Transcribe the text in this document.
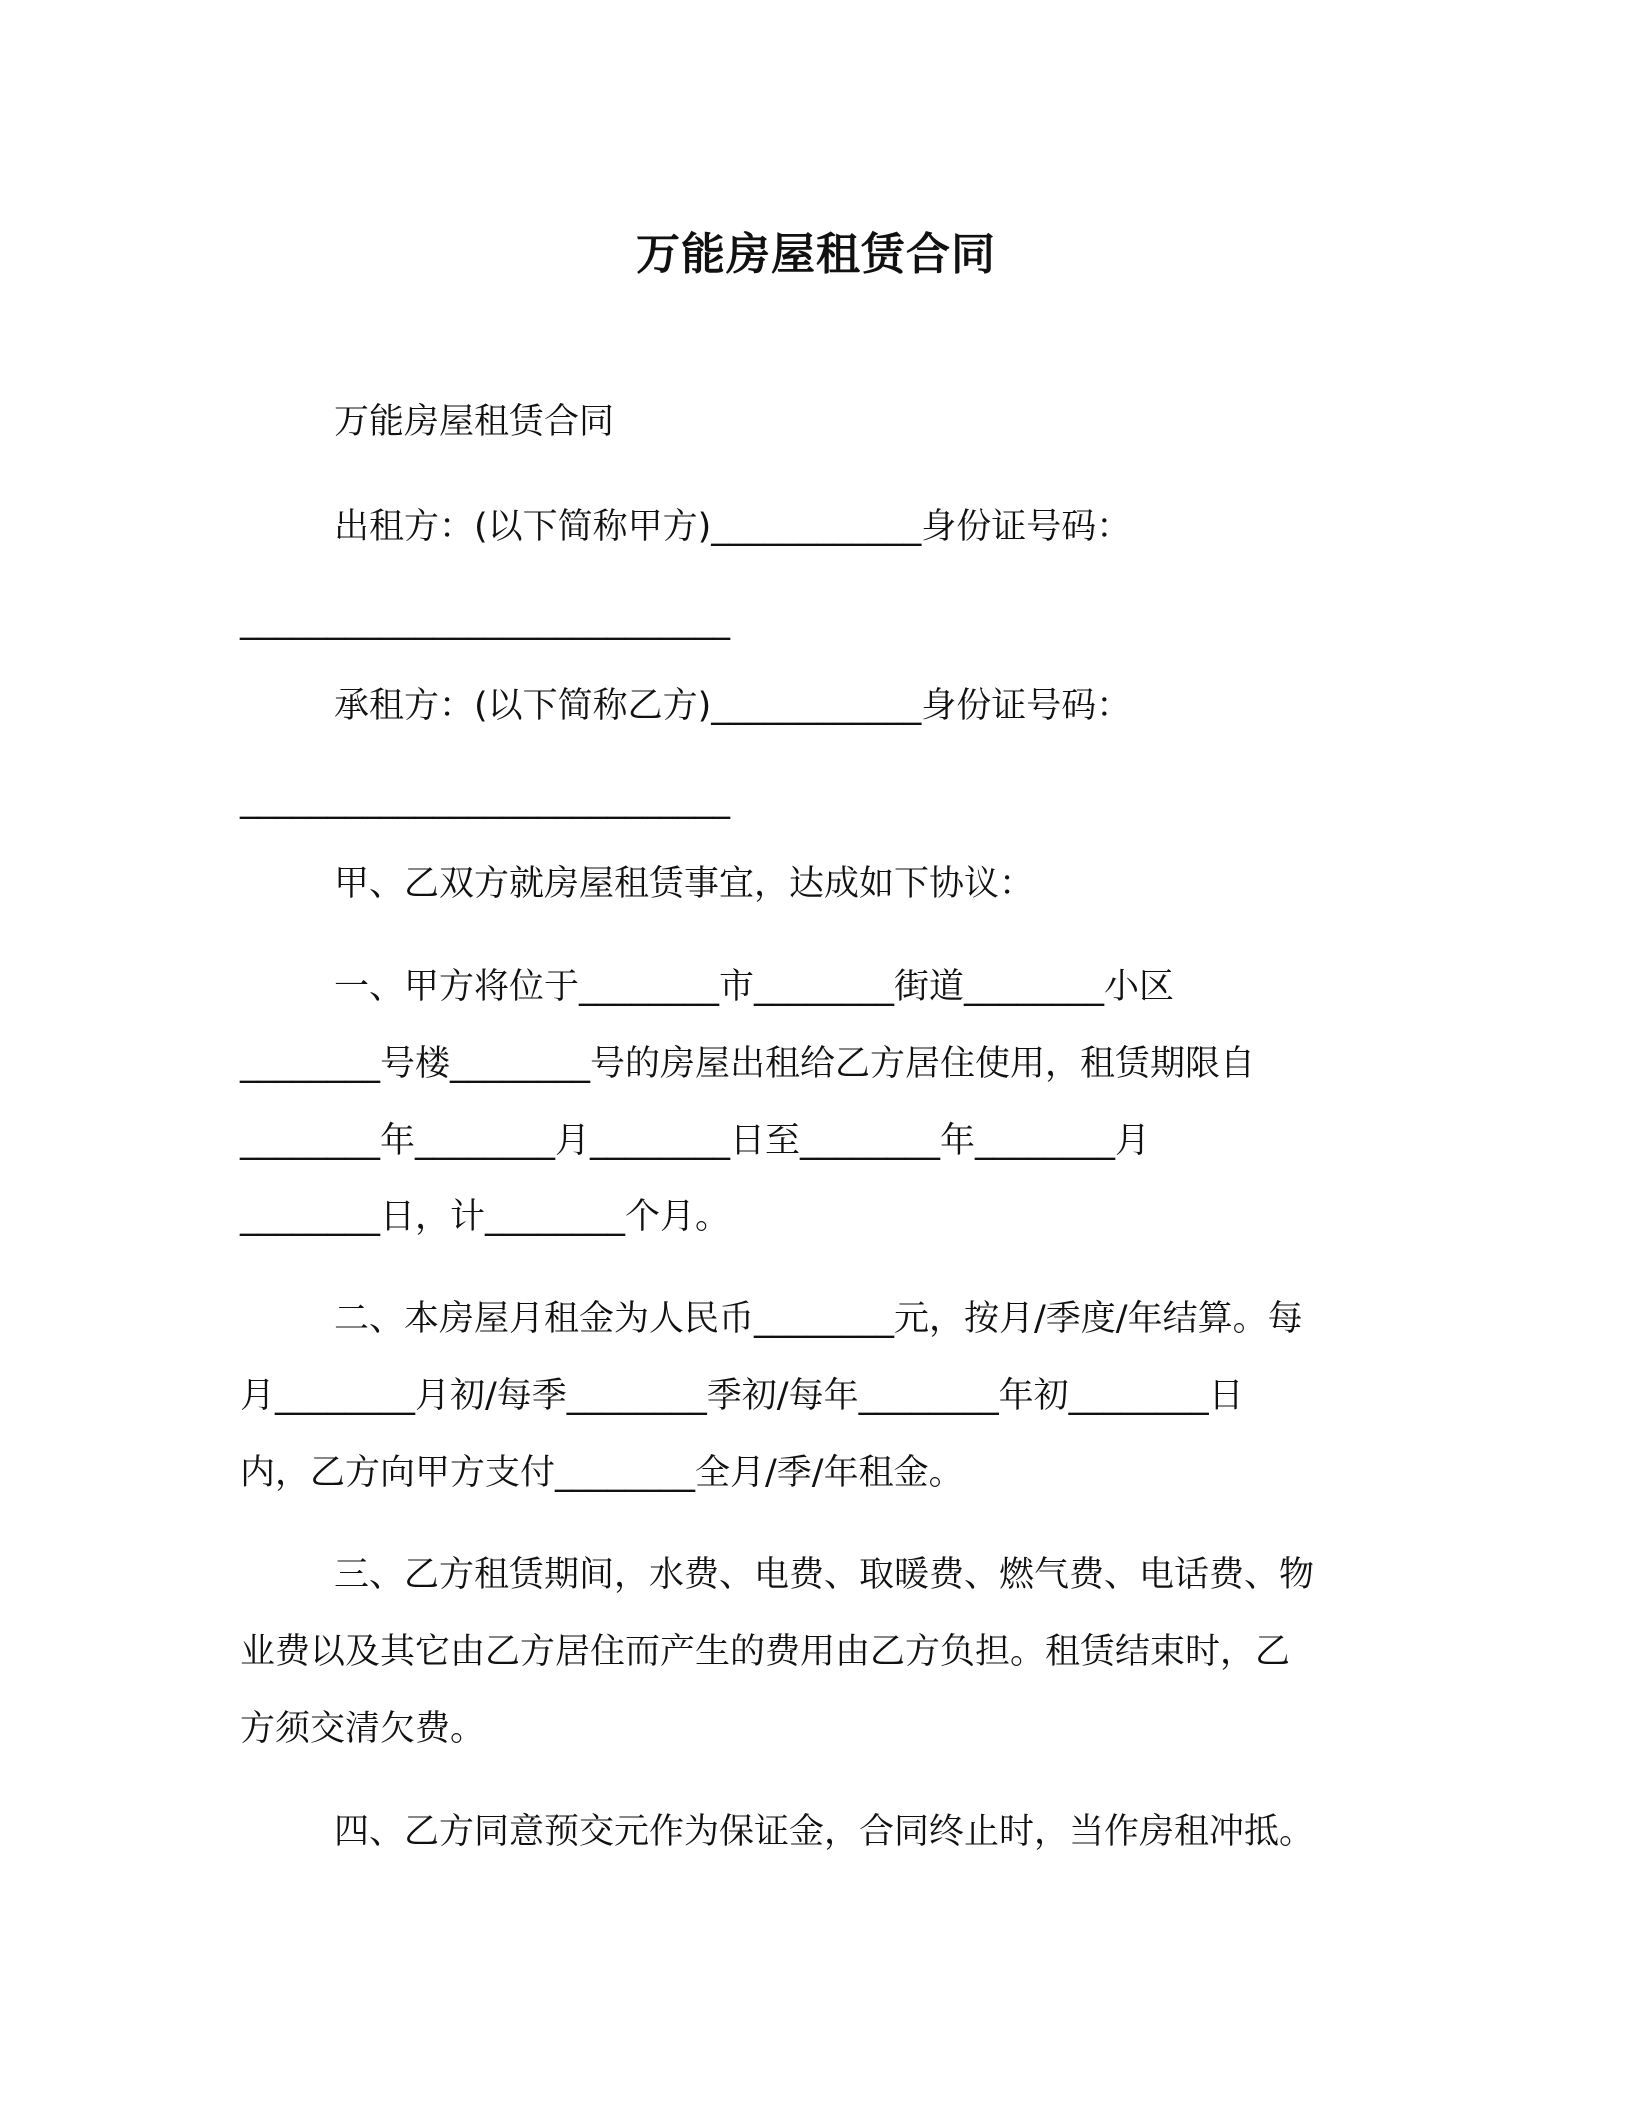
万能房屋租赁合同

万能房屋租赁合同

出租方：(以下简称甲方)____________身份证号码：

____________________________

承租方：(以下简称乙方)____________身份证号码：

____________________________

甲、乙双方就房屋租赁事宜，达成如下协议：

一、甲方将位于________市________街道________小区

________号楼________号的房屋出租给乙方居住使用，租赁期限自

________年________月________日至________年________月

________日，计________个月。

二、本房屋月租金为人民币________元，按月/季度/年结算。每

月________月初/每季________季初/每年________年初________日

内，乙方向甲方支付________全月/季/年租金。

三、乙方租赁期间，水费、电费、取暖费、燃气费、电话费、物

业费以及其它由乙方居住而产生的费用由乙方负担。租赁结束时，乙

方须交清欠费。

四、乙方同意预交元作为保证金，合同终止时，当作房租冲抵。
